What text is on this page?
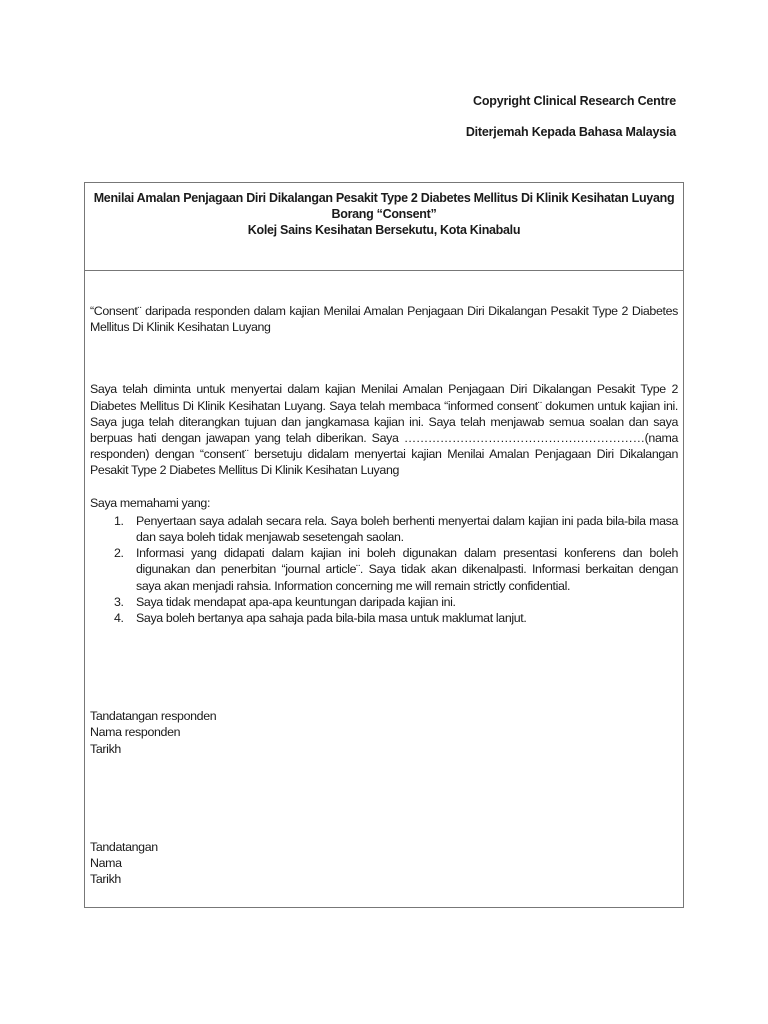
Copyright Clinical Research Centre
Diterjemah Kepada Bahasa Malaysia
Menilai Amalan Penjagaan Diri Dikalangan Pesakit Type 2 Diabetes Mellitus Di Klinik Kesihatan Luyang
Borang “Consent”
Kolej Sains Kesihatan Bersekutu, Kota Kinabalu

“Consent¨ daripada responden dalam kajian Menilai Amalan Penjagaan Diri Dikalangan Pesakit Type 2 Diabetes Mellitus Di Klinik Kesihatan Luyang

Saya telah diminta untuk menyertai dalam kajian Menilai Amalan Penjagaan Diri Dikalangan Pesakit Type 2 Diabetes Mellitus Di Klinik Kesihatan Luyang. Saya telah membaca “informed consent¨ dokumen untuk kajian ini. Saya juga telah diterangkan tujuan dan jangkamasa kajian ini. Saya telah menjawab semua soalan dan saya berpuas hati dengan jawapan yang telah diberikan. Saya ……………………………………………………(nama responden) dengan “consent¨ bersetuju didalam menyertai kajian Menilai Amalan Penjagaan Diri Dikalangan Pesakit Type 2 Diabetes Mellitus Di Klinik Kesihatan Luyang

Saya memahami yang:

1. Penyertaan saya adalah secara rela. Saya boleh berhenti menyertai dalam kajian ini pada bila-bila masa dan saya boleh tidak menjawab sesetengah saolan.
2. Informasi yang didapati dalam kajian ini boleh digunakan dalam presentasi konferens dan boleh digunakan dan penerbitan “journal article¨. Saya tidak akan dikenalpasti. Informasi berkaitan dengan saya akan menjadi rahsia. Information concerning me will remain strictly confidential.
3. Saya tidak mendapat apa-apa keuntungan daripada kajian ini.
4. Saya boleh bertanya apa sahaja pada bila-bila masa untuk maklumat lanjut.
Tandatangan responden
Nama responden
Tarikh
Tandatangan
Nama
Tarikh
